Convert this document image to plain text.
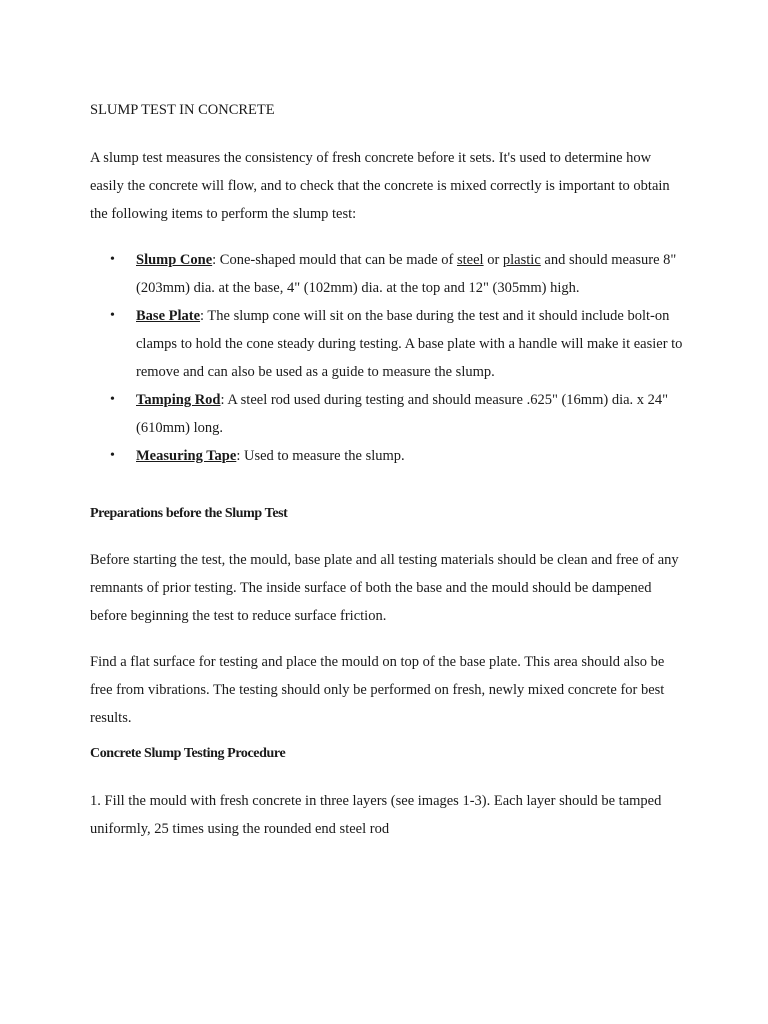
SLUMP TEST IN CONCRETE

A slump test measures the consistency of fresh concrete before it sets. It's used to determine how easily the concrete will flow, and to check that the concrete is mixed correctly is important to obtain the following items to perform the slump test:

• Slump Cone: Cone-shaped mould that can be made of steel or plastic and should measure 8" (203mm) dia. at the base, 4" (102mm) dia. at the top and 12" (305mm) high.
• Base Plate: The slump cone will sit on the base during the test and it should include bolt-on clamps to hold the cone steady during testing. A base plate with a handle will make it easier to remove and can also be used as a guide to measure the slump.
• Tamping Rod: A steel rod used during testing and should measure .625" (16mm) dia. x 24" (610mm) long.
• Measuring Tape: Used to measure the slump.
Preparations before the Slump Test

Before starting the test, the mould, base plate and all testing materials should be clean and free of any remnants of prior testing. The inside surface of both the base and the mould should be dampened before beginning the test to reduce surface friction.

Find a flat surface for testing and place the mould on top of the base plate. This area should also be free from vibrations. The testing should only be performed on fresh, newly mixed concrete for best results.

Concrete Slump Testing Procedure

1. Fill the mould with fresh concrete in three layers (see images 1-3). Each layer should be tamped uniformly, 25 times using the rounded end steel rod
